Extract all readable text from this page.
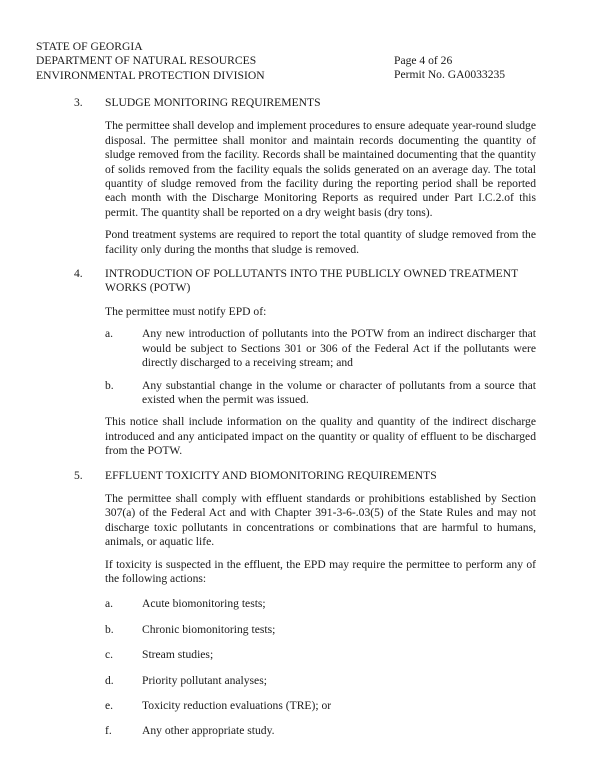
STATE OF GEORGIA
DEPARTMENT OF NATURAL RESOURCES
ENVIRONMENTAL PROTECTION DIVISION
Page 4 of 26
Permit No. GA0033235
3.	SLUDGE MONITORING REQUIREMENTS
The permittee shall develop and implement procedures to ensure adequate year-round sludge disposal. The permittee shall monitor and maintain records documenting the quantity of sludge removed from the facility. Records shall be maintained documenting that the quantity of solids removed from the facility equals the solids generated on an average day. The total quantity of sludge removed from the facility during the reporting period shall be reported each month with the Discharge Monitoring Reports as required under Part I.C.2.of this permit. The quantity shall be reported on a dry weight basis (dry tons).
Pond treatment systems are required to report the total quantity of sludge removed from the facility only during the months that sludge is removed.
4.	INTRODUCTION OF POLLUTANTS INTO THE PUBLICLY OWNED TREATMENT WORKS (POTW)
The permittee must notify EPD of:
a.	Any new introduction of pollutants into the POTW from an indirect discharger that would be subject to Sections 301 or 306 of the Federal Act if the pollutants were directly discharged to a receiving stream; and
b.	Any substantial change in the volume or character of pollutants from a source that existed when the permit was issued.
This notice shall include information on the quality and quantity of the indirect discharge introduced and any anticipated impact on the quantity or quality of effluent to be discharged from the POTW.
5.	EFFLUENT TOXICITY AND BIOMONITORING REQUIREMENTS
The permittee shall comply with effluent standards or prohibitions established by Section 307(a) of the Federal Act and with Chapter 391-3-6-.03(5) of the State Rules and may not discharge toxic pollutants in concentrations or combinations that are harmful to humans, animals, or aquatic life.
If toxicity is suspected in the effluent, the EPD may require the permittee to perform any of the following actions:
a.	Acute biomonitoring tests;
b.	Chronic biomonitoring tests;
c.	Stream studies;
d.	Priority pollutant analyses;
e.	Toxicity reduction evaluations (TRE); or
f.	Any other appropriate study.
